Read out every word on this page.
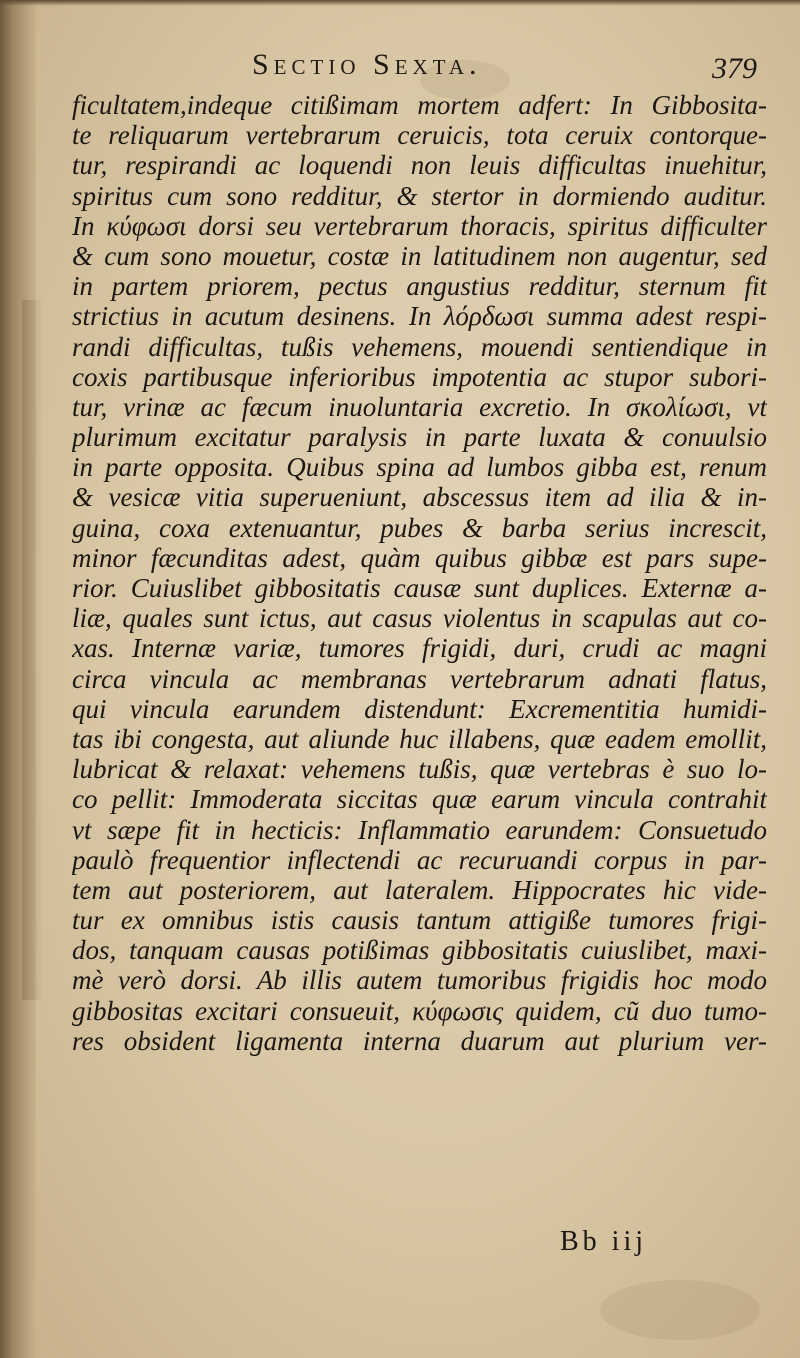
Sectio Sexta.	379
ficultatem,indeque citißimam mortem adfert: In Gibbosita-
te reliquarum vertebrarum ceruicis, tota ceruix contorque-
tur, respirandi ac loquendi non leuis difficultas inuehitur,
spiritus cum sono redditur, & stertor in dormiendo auditur.
In κύφωσι dorsi seu vertebrarum thoracis, spiritus difficulter
& cum sono mouetur, costæ in latitudinem non augentur, sed
in partem priorem, pectus angustius redditur, sternum fit
strictius in acutum desinens. In λόρδωσι summa adest respi-
randi difficultas, tußis vehemens, mouendi sentiendique in
coxis partibusque inferioribus impotentia ac stupor subori-
tur, vrinæ ac fæcum inuoluntaria excretio. In σκολίωσι, vt
plurimum excitatur paralysis in parte luxata & conuulsio
in parte opposita. Quibus spina ad lumbos gibba est, renum
& vesicæ vitia superueniunt, abscessus item ad ilia & in-
guina, coxa extenuantur, pubes & barba serius increscit,
minor fæcunditas adest, quàm quibus gibbæ est pars supe-
rior. Cuiuslibet gibbositatis causæ sunt duplices. Externæ a-
liæ, quales sunt ictus, aut casus violentus in scapulas aut co-
xas. Internæ variæ, tumores frigidi, duri, crudi ac magni
circa vincula ac membranas vertebrarum adnati flatus,
qui vincula earundem distendunt: Excrementitia humidi-
tas ibi congesta, aut aliunde huc illabens, quæ eadem emollit,
lubricat & relaxat: vehemens tußis, quæ vertebras è suo lo-
co pellit: Immoderata siccitas quæ earum vincula contrahit
vt sæpe fit in hecticis: Inflammatio earundem: Consuetudo
paulò frequentior inflectendi ac recuruandi corpus in par-
tem aut posteriorem, aut lateralem. Hippocrates hic vide-
tur ex omnibus istis causis tantum attigiße tumores frigi-
dos, tanquam causas potißimas gibbositatis cuiuslibet, maxi-
mè verò dorsi. Ab illis autem tumoribus frigidis hoc modo
gibbositas excitari consueuit, κύφωσις quidem, cũ duo tumo-
res obsident ligamenta interna duarum aut plurium ver-
Bb iij
